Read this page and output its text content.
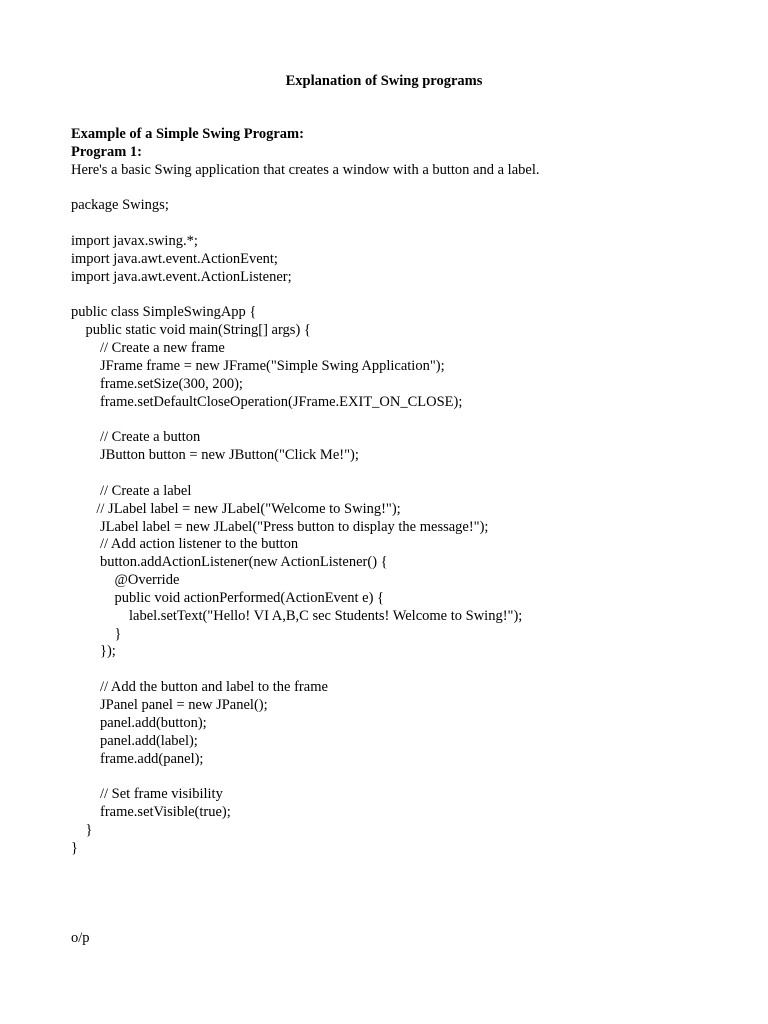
Explanation of Swing programs

Example of a Simple Swing Program:

Program 1:

Here's a basic Swing application that creates a window with a button and a label.

package Swings;
import javax.swing.*;
import java.awt.event.ActionEvent;
import java.awt.event.ActionListener;
public class SimpleSwingApp {
public static void main(String[] args) {
// Create a new frame
JFrame frame = new JFrame("Simple Swing Application");
frame.setSize(300, 200);
frame.setDefaultCloseOperation(JFrame.EXIT_ON_CLOSE);
// Create a button
JButton button = new JButton("Click Me!");
// Create a label
// JLabel label = new JLabel("Welcome to Swing!");
JLabel label = new JLabel("Press button to display the message!");
// Add action listener to the button
button.addActionListener(new ActionListener() {
@Override
public void actionPerformed(ActionEvent e) {
label.setText("Hello! VI A,B,C sec Students! Welcome to Swing!");
}
});
// Add the button and label to the frame
JPanel panel = new JPanel();
panel.add(button);
panel.add(label);
frame.add(panel);
// Set frame visibility
frame.setVisible(true);
}
}

o/p
